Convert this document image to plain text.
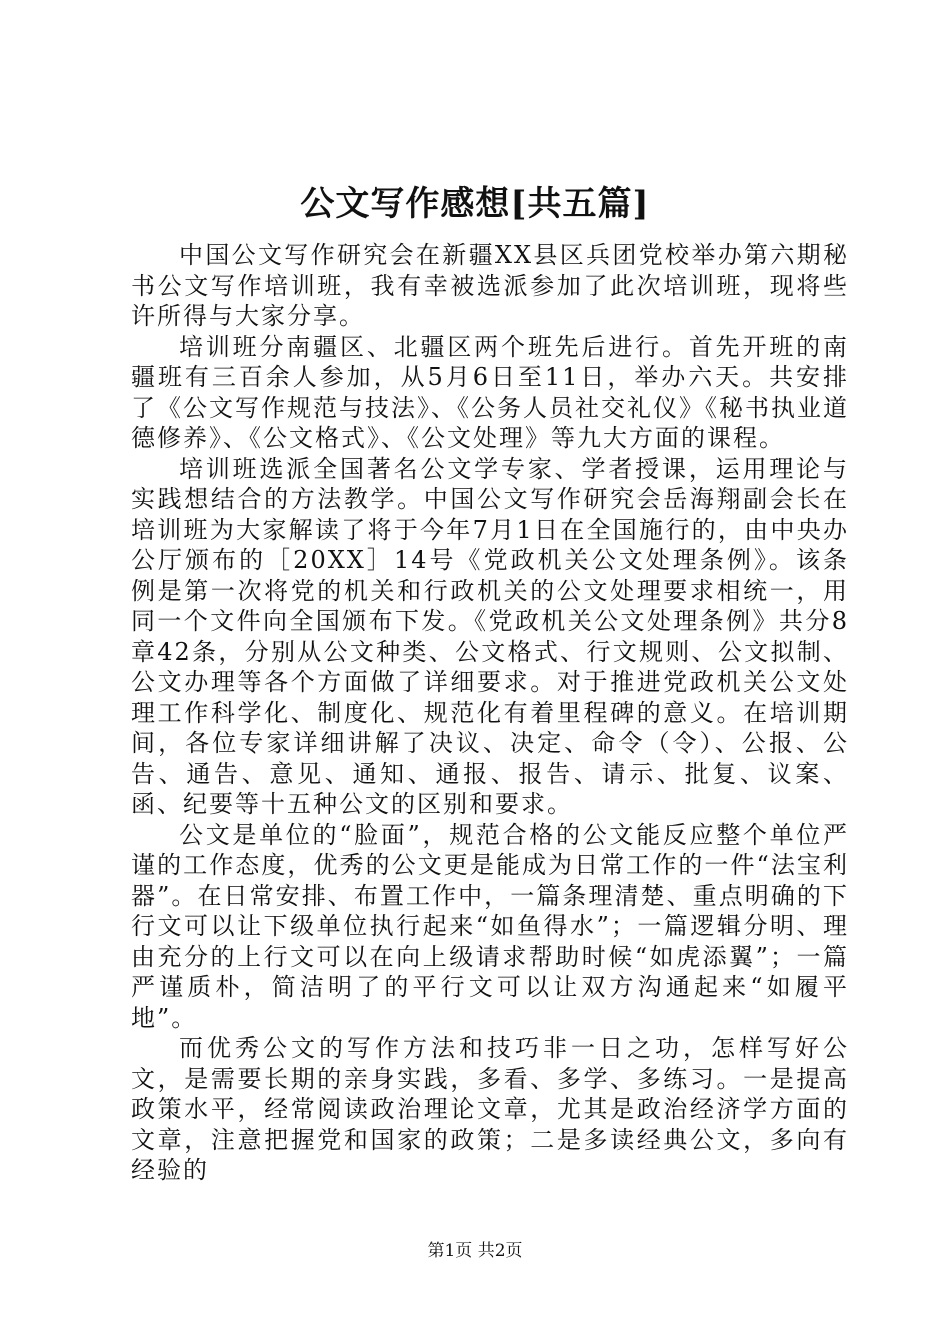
公文写作感想[共五篇]

中国公文写作研究会在新疆XX县区兵团党校举办第六期秘书公文写作培训班，我有幸被选派参加了此次培训班，现将些许所得与大家分享。

培训班分南疆区、北疆区两个班先后进行。首先开班的南疆班有三百余人参加，从5月6日至11日，举办六天。共安排了《公文写作规范与技法》、《公务人员社交礼仪》《秘书执业道德修养》、《公文格式》、《公文处理》等九大方面的课程。

培训班选派全国著名公文学专家、学者授课，运用理论与实践想结合的方法教学。中国公文写作研究会岳海翔副会长在培训班为大家解读了将于今年7月1日在全国施行的，由中央办公厅颁布的［20XX］14号《党政机关公文处理条例》。该条例是第一次将党的机关和行政机关的公文处理要求相统一，用同一个文件向全国颁布下发。《党政机关公文处理条例》共分8章42条，分别从公文种类、公文格式、行文规则、公文拟制、公文办理等各个方面做了详细要求。对于推进党政机关公文处理工作科学化、制度化、规范化有着里程碑的意义。在培训期间，各位专家详细讲解了决议、决定、命令（令）、公报、公告、通告、意见、通知、通报、报告、请示、批复、议案、函、纪要等十五种公文的区别和要求。

公文是单位的“脸面”，规范合格的公文能反应整个单位严谨的工作态度，优秀的公文更是能成为日常工作的一件“法宝利器”。在日常安排、布置工作中，一篇条理清楚、重点明确的下行文可以让下级单位执行起来“如鱼得水”；一篇逻辑分明、理由充分的上行文可以在向上级请求帮助时候“如虎添翼”；一篇严谨质朴，简洁明了的平行文可以让双方沟通起来“如履平地”。

而优秀公文的写作方法和技巧非一日之功，怎样写好公文，是需要长期的亲身实践，多看、多学、多练习。一是提高政策水平，经常阅读政治理论文章，尤其是政治经济学方面的文章，注意把握党和国家的政策；二是多读经典公文，多向有经验的

第1页 共2页
